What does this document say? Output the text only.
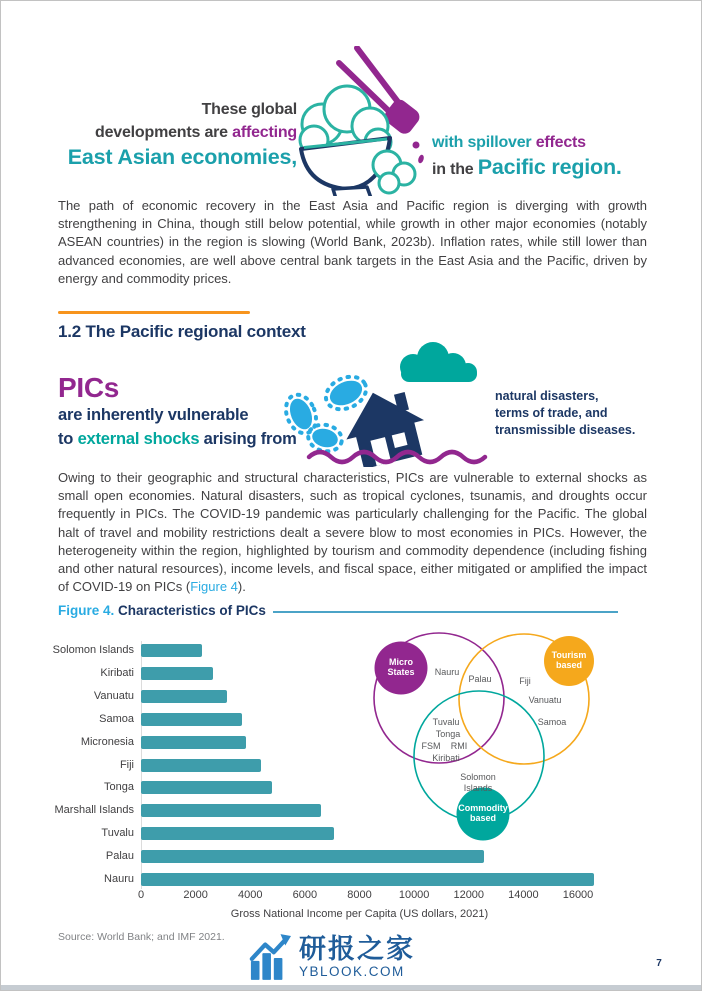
These global
developments are affecting
East Asian economies,
with spillover effects
in the Pacific region.

The path of economic recovery in the East Asia and Pacific region is diverging with growth strengthening in China, though still below potential, while growth in other major economies (notably ASEAN countries) in the region is slowing (World Bank, 2023b). Inflation rates, while still lower than advanced economies, are well above central bank targets in the East Asia and the Pacific, driven by energy and commodity prices.

1.2 The Pacific regional context
PICs
are inherently vulnerable
to external shocks arising from
natural disasters,
terms of trade, and
transmissible diseases.

Owing to their geographic and structural characteristics, PICs are vulnerable to external shocks as small open economies. Natural disasters, such as tropical cyclones, tsunamis, and droughts occur frequently in PICs. The COVID-19 pandemic was particularly challenging for the Pacific. The global halt of travel and mobility restrictions dealt a severe blow to most economies in PICs. However, the heterogeneity within the region, highlighted by tourism and commodity dependence (including fishing and other natural resources), income levels, and fiscal space, either mitigated or amplified the impact of COVID-19 on PICs (Figure 4).

Figure 4. Characteristics of PICs
Gross National Income per Capita (US dollars, 2021)
Solomon Islands
Kiribati
Vanuatu
Samoa
Micronesia
Fiji
Tonga
Marshall Islands
Tuvalu
Palau
Nauru
0	2000	4000	6000	8000	10000	12000	14000	16000
Micro
States
Tourism
based
Commodity
based
Nauru
Palau	Fiji
Vanuatu
Samoa
Tuvalu
Tonga
FSM RMI
Kiribati
Solomon
Islands
Source: World Bank; and IMF 2021.	研报之家
YBLOOK.COM
7
